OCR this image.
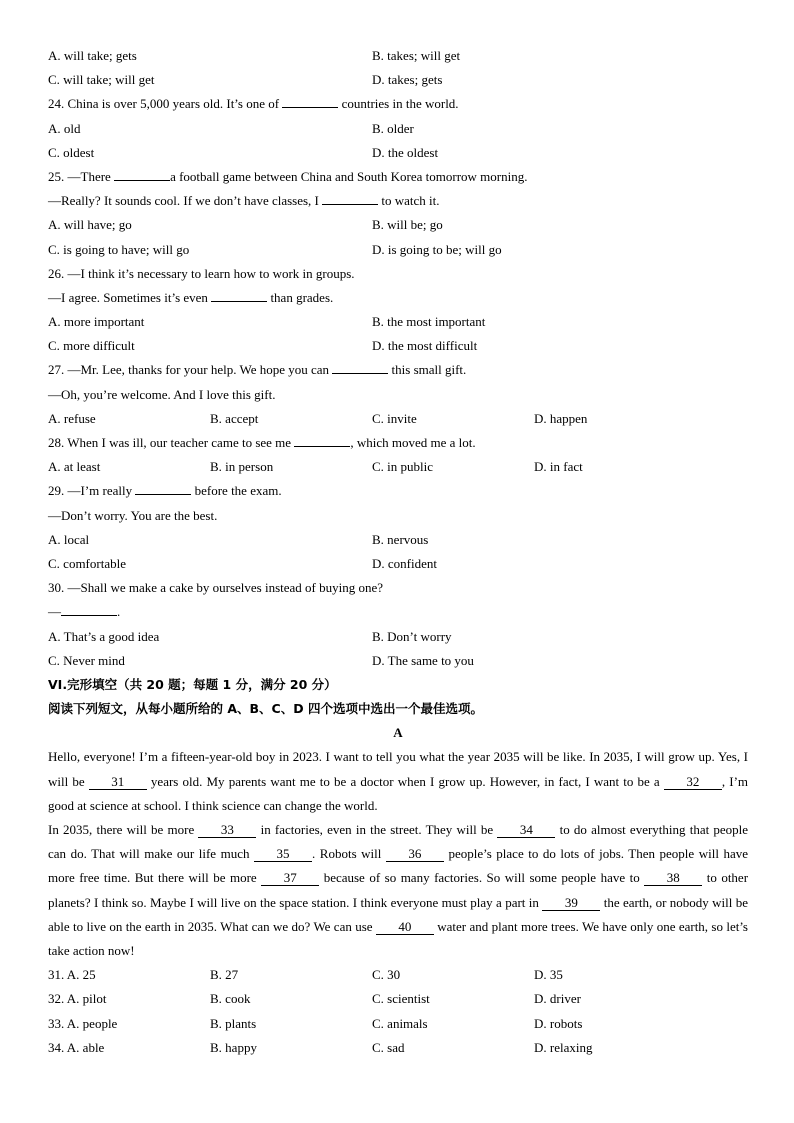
A. will take; gets	B. takes; will get
C. will take; will get	D. takes; gets
24. China is over 5,000 years old. It’s one of	countries in the world.
A. old	B. older
C. oldest	D. the oldest
25. —There	a football game between China and South Korea tomorrow morning.
—Really? It sounds cool. If we don’t have classes, I	to watch it.
A. will have; go	B. will be; go
C. is going to have; will go	D. is going to be; will go
26. —I think it’s necessary to learn how to work in groups.
—I agree. Sometimes it’s even	than grades.
A. more important	B. the most important
C. more difficult	D. the most difficult
27. —Mr. Lee, thanks for your help. We hope you can	this small gift.
—Oh, you’re welcome. And I love this gift.
A. refuse	B. accept	C. invite	D. happen
28. When I was ill, our teacher came to see me	, which moved me a lot.
A. at least	B. in person	C. in public	D. in fact
29. —I’m really	before the exam.
—Don’t worry. You are the best.
A. local	B. nervous
C. comfortable	D. confident
30. —Shall we make a cake by ourselves instead of buying one?
—	.
A. That’s a good idea	B. Don’t worry
C. Never mind	D. The same to you
VI.完形填空（共 20 题；每题 1 分，满分 20 分）
阅读下列短文，从每小题所给的 A、B、C、D 四个选项中选出一个最佳选项。
A
Hello, everyone! I’m a fifteen-year-old boy in 2023. I want to tell you what the year 2035 will be like. In 2035, I will grow up. Yes, I will be 31 years old. My parents want me to be a doctor when I grow up. However, in fact, I want to be a 32 , I’m good at science at school. I think science can change the world.
In 2035, there will be more 33 in factories, even in the street. They will be 34 to do almost everything that people can do. That will make our life much 35 . Robots will 36 people’s place to do lots of jobs. Then people will have more free time. But there will be more 37 because of so many factories. So will some people have to 38 to other planets? I think so. Maybe I will live on the space station. I think everyone must play a part in 39 the earth, or nobody will be able to live on the earth in 2035. What can we do? We can use 40 water and plant more trees. We have only one earth, so let’s take action now!
31. A. 25	B. 27	C. 30	D. 35
32. A. pilot	B. cook	C. scientist	D. driver
33. A. people	B. plants	C. animals	D. robots
34. A. able	B. happy	C. sad	D. relaxing
